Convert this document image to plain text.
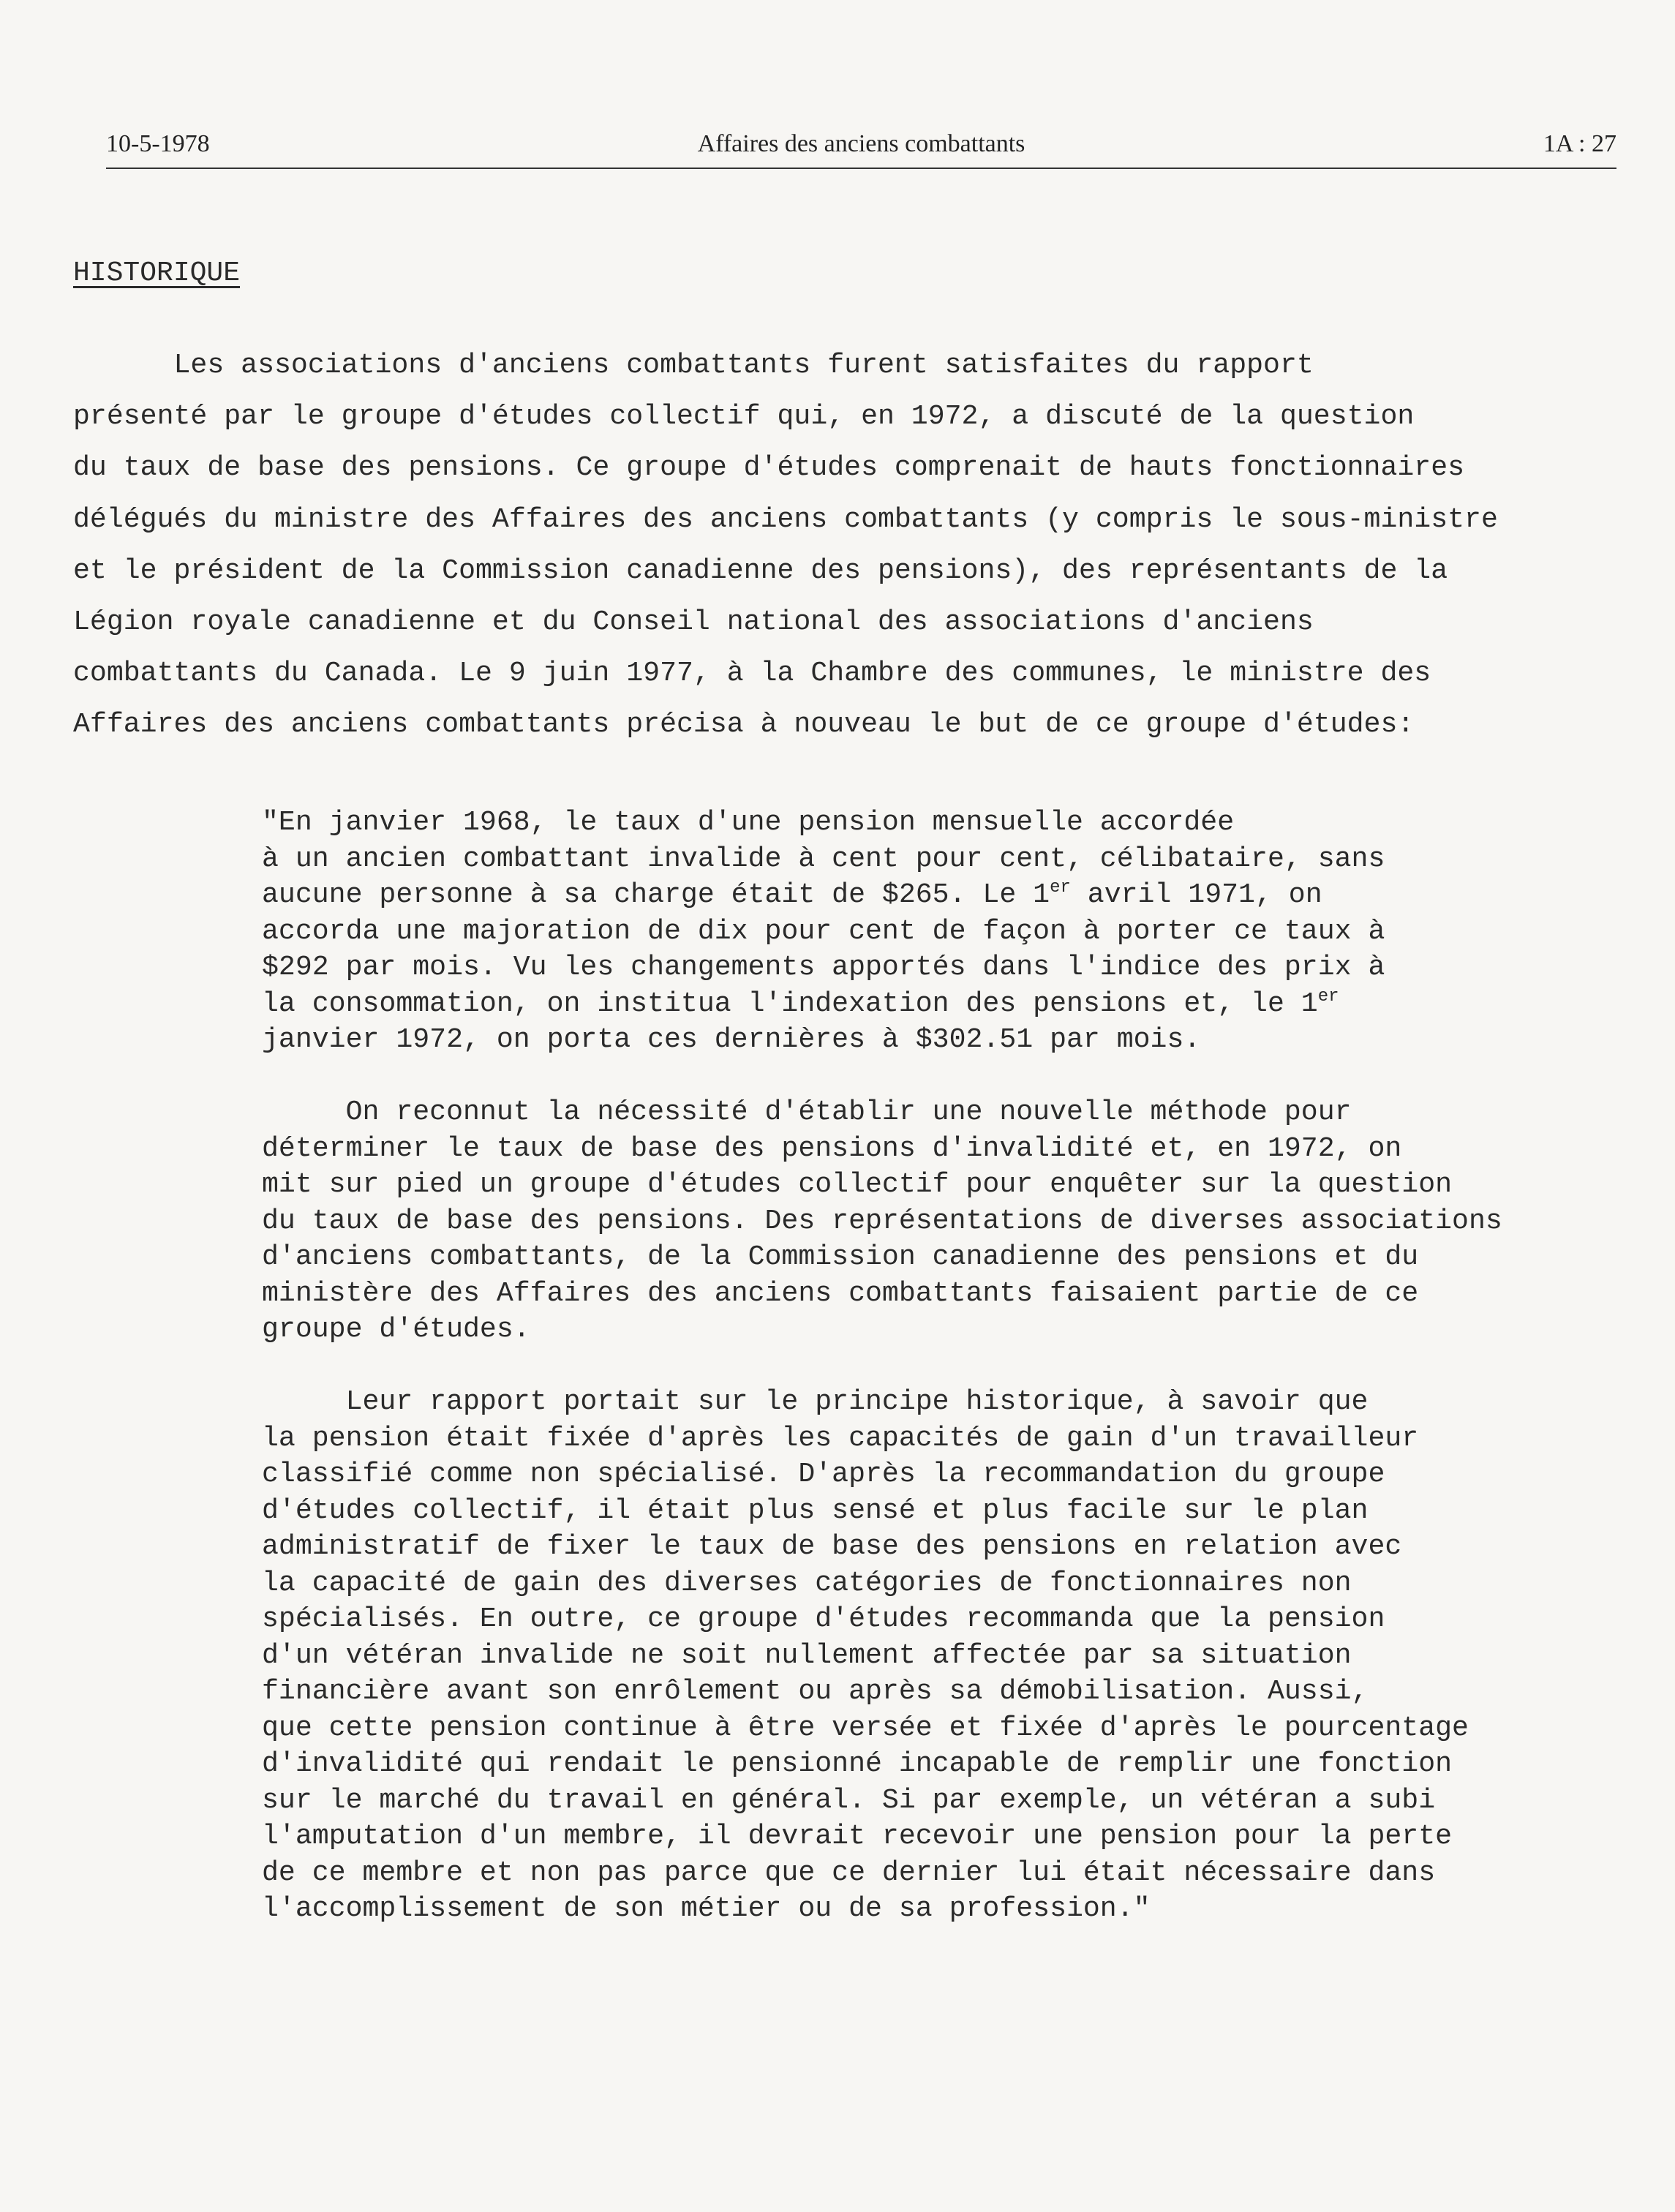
10-5-1978	Affaires des anciens combattants	1A : 27
HISTORIQUE
Les associations d'anciens combattants furent satisfaites du rapport
présenté par le groupe d'études collectif qui, en 1972, a discuté de la question
du taux de base des pensions. Ce groupe d'études comprenait de hauts fonctionnaires
délégués du ministre des Affaires des anciens combattants (y compris le sous-ministre
et le président de la Commission canadienne des pensions), des représentants de la
Légion royale canadienne et du Conseil national des associations d'anciens
combattants du Canada. Le 9 juin 1977, à la Chambre des communes, le ministre des
Affaires des anciens combattants précisa à nouveau le but de ce groupe d'études:
"En janvier 1968, le taux d'une pension mensuelle accordée
à un ancien combattant invalide à cent pour cent, célibataire, sans
aucune personne à sa charge était de $265. Le 1er avril 1971, on
accorda une majoration de dix pour cent de façon à porter ce taux à
$292 par mois. Vu les changements apportés dans l'indice des prix à
la consommation, on institua l'indexation des pensions et, le 1er
janvier 1972, on porta ces dernières à $302.51 par mois.

On reconnut la nécessité d'établir une nouvelle méthode pour
déterminer le taux de base des pensions d'invalidité et, en 1972, on
mit sur pied un groupe d'études collectif pour enquêter sur la question
du taux de base des pensions. Des représentations de diverses associations
d'anciens combattants, de la Commission canadienne des pensions et du
ministère des Affaires des anciens combattants faisaient partie de ce
groupe d'études.

Leur rapport portait sur le principe historique, à savoir que
la pension était fixée d'après les capacités de gain d'un travailleur
classifié comme non spécialisé. D'après la recommandation du groupe
d'études collectif, il était plus sensé et plus facile sur le plan
administratif de fixer le taux de base des pensions en relation avec
la capacité de gain des diverses catégories de fonctionnaires non
spécialisés. En outre, ce groupe d'études recommanda que la pension
d'un vétéran invalide ne soit nullement affectée par sa situation
financière avant son enrôlement ou après sa démobilisation. Aussi,
que cette pension continue à être versée et fixée d'après le pourcentage
d'invalidité qui rendait le pensionné incapable de remplir une fonction
sur le marché du travail en général. Si par exemple, un vétéran a subi
l'amputation d'un membre, il devrait recevoir une pension pour la perte
de ce membre et non pas parce que ce dernier lui était nécessaire dans
l'accomplissement de son métier ou de sa profession."
